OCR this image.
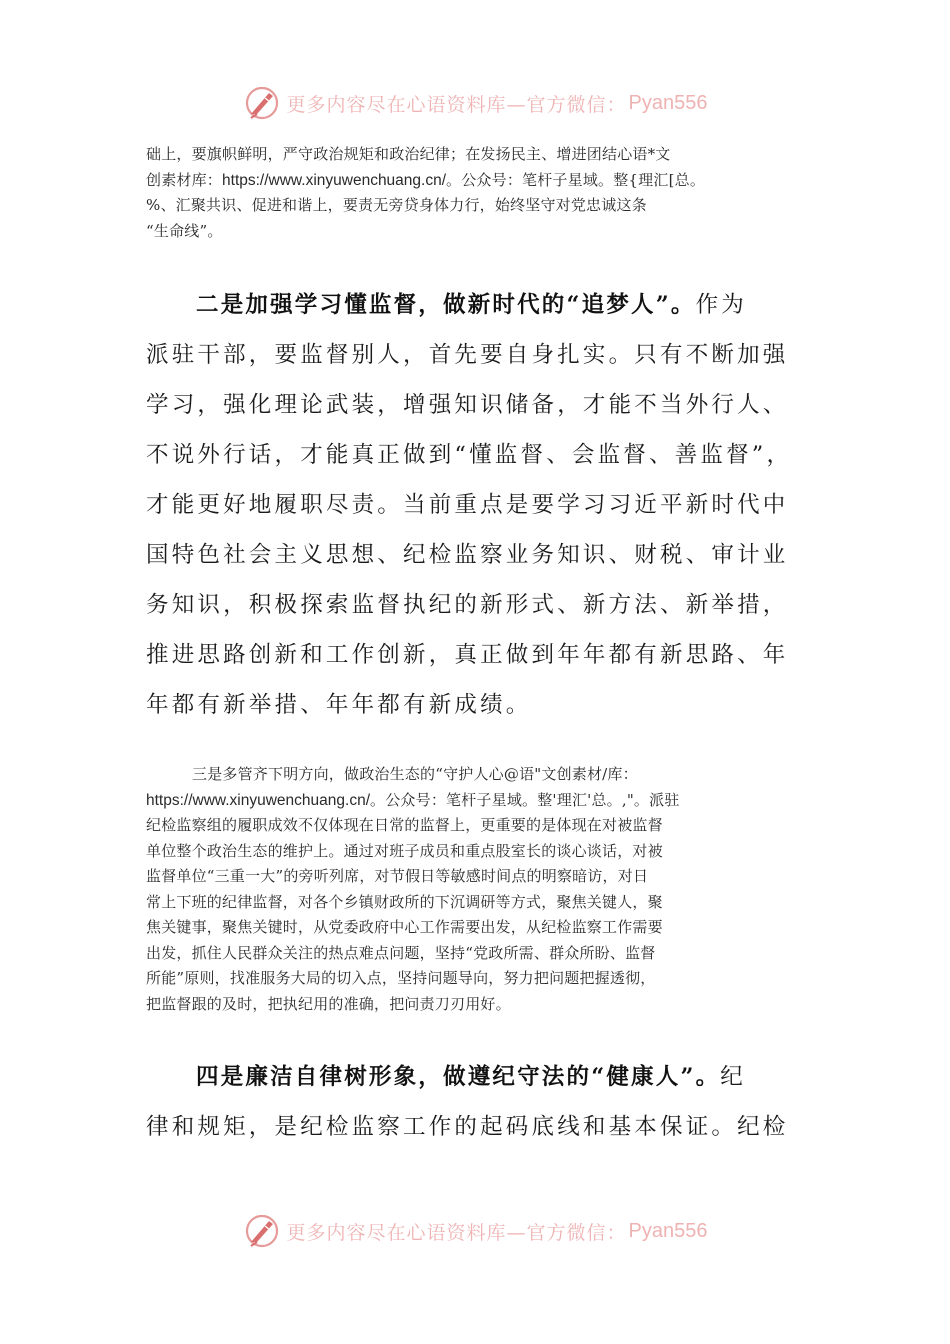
更多内容尽在心语资料库—官方微信： Pyan556

础上，要旗帜鲜明，严守政治规矩和政治纪律；在发扬民主、增进团结心语*文

创素材库：https://www.xinyuwenchuang.cn/。公众号：笔杆子星域。整{理汇[总。

%、汇聚共识、促进和谐上，要责无旁贷身体力行，始终坚守对党忠诚这条

“生命线”。

二是加强学习懂监督，做新时代的“追梦人”。作为

派驻干部，要监督别人，首先要自身扎实。只有不断加强

学习，强化理论武装，增强知识储备，才能不当外行人、

不说外行话，才能真正做到“懂监督、会监督、善监督”，

才能更好地履职尽责。当前重点是要学习习近平新时代中

国特色社会主义思想、纪检监察业务知识、财税、审计业

务知识，积极探索监督执纪的新形式、新方法、新举措，

推进思路创新和工作创新，真正做到年年都有新思路、年

年都有新举措、年年都有新成绩。

三是多管齐下明方向，做政治生态的“守护人心@语"文创素材/库：

https://www.xinyuwenchuang.cn/。公众号：笔杆子星域。整'理汇'总。,"。派驻

纪检监察组的履职成效不仅体现在日常的监督上，更重要的是体现在对被监督

单位整个政治生态的维护上。通过对班子成员和重点股室长的谈心谈话，对被

监督单位“三重一大”的旁听列席，对节假日等敏感时间点的明察暗访，对日

常上下班的纪律监督，对各个乡镇财政所的下沉调研等方式，聚焦关键人，聚

焦关键事，聚焦关键时，从党委政府中心工作需要出发，从纪检监察工作需要

出发，抓住人民群众关注的热点难点问题，坚持“党政所需、群众所盼、监督

所能”原则，找准服务大局的切入点，坚持问题导向，努力把问题把握透彻，

把监督跟的及时，把执纪用的准确，把问责刀刃用好。

四是廉洁自律树形象，做遵纪守法的“健康人”。纪

律和规矩，是纪检监察工作的起码底线和基本保证。纪检

更多内容尽在心语资料库—官方微信： Pyan556
